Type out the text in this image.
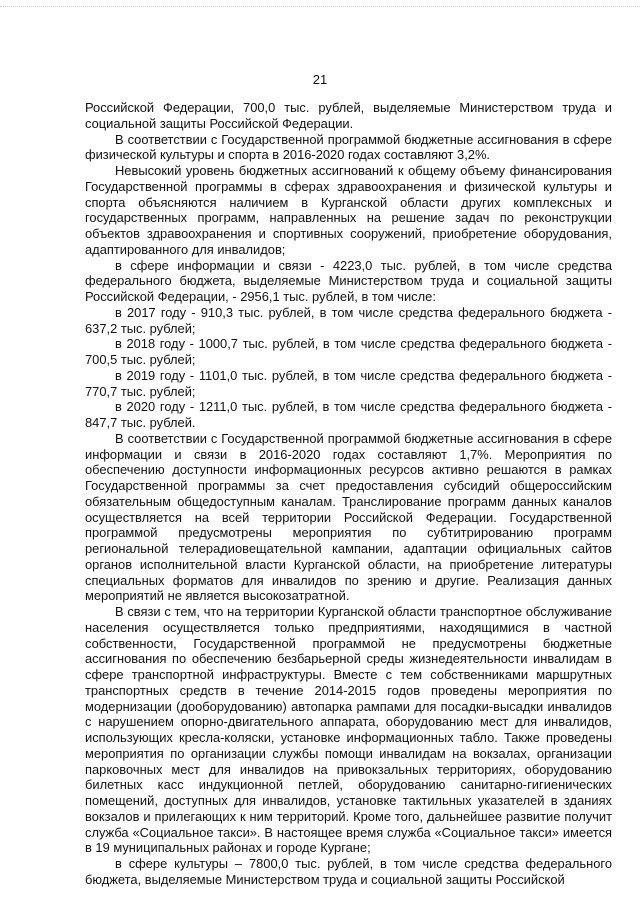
21

Российской Федерации, 700,0 тыс. рублей, выделяемые Министерством труда и социальной защиты Российской Федерации.

В соответствии с Государственной программой бюджетные ассигнования в сфере физической культуры и спорта в 2016-2020 годах составляют 3,2%.

Невысокий уровень бюджетных ассигнований к общему объему финансирования Государственной программы в сферах здравоохранения и физической культуры и спорта объясняются наличием в Курганской области других комплексных и государственных программ, направленных на решение задач по реконструкции объектов здравоохранения и спортивных сооружений, приобретение оборудования, адаптированного для инвалидов;

в сфере информации и связи - 4223,0 тыс. рублей, в том числе средства федерального бюджета, выделяемые Министерством труда и социальной защиты Российской Федерации, - 2956,1 тыс. рублей, в том числе:

в 2017 году - 910,3 тыс. рублей, в том числе средства федерального бюджета - 637,2 тыс. рублей;

в 2018 году - 1000,7 тыс. рублей, в том числе средства федерального бюджета - 700,5 тыс. рублей;

в 2019 году - 1101,0 тыс. рублей, в том числе средства федерального бюджета - 770,7 тыс. рублей;

в 2020 году - 1211,0 тыс. рублей, в том числе средства федерального бюджета - 847,7 тыс. рублей.

В соответствии с Государственной программой бюджетные ассигнования в сфере информации и связи в 2016-2020 годах составляют 1,7%. Мероприятия по обеспечению доступности информационных ресурсов активно решаются в рамках Государственной программы за счет предоставления субсидий общероссийским обязательным общедоступным каналам. Транслирование программ данных каналов осуществляется на всей территории Российской Федерации. Государственной программой предусмотрены мероприятия по субтитрированию программ региональной телерадиовещательной кампании, адаптации официальных сайтов органов исполнительной власти Курганской области, на приобретение литературы специальных форматов для инвалидов по зрению и другие. Реализация данных мероприятий не является высокозатратной.

В связи с тем, что на территории Курганской области транспортное обслуживание населения осуществляется только предприятиями, находящимися в частной собственности, Государственной программой не предусмотрены бюджетные ассигнования по обеспечению безбарьерной среды жизнедеятельности инвалидам в сфере транспортной инфраструктуры. Вместе с тем собственниками маршрутных транспортных средств в течение 2014-2015 годов проведены мероприятия по модернизации (дооборудованию) автопарка рампами для посадки-высадки инвалидов с нарушением опорно-двигательного аппарата, оборудованию мест для инвалидов, использующих кресла-коляски, установке информационных табло. Также проведены мероприятия по организации службы помощи инвалидам на вокзалах, организации парковочных мест для инвалидов на привокзальных территориях, оборудованию билетных касс индукционной петлей, оборудованию санитарно-гигиенических помещений, доступных для инвалидов, установке тактильных указателей в зданиях вокзалов и прилегающих к ним территорий. Кроме того, дальнейшее развитие получит служба «Социальное такси». В настоящее время служба «Социальное такси» имеется в 19 муниципальных районах и городе Кургане;

в сфере культуры – 7800,0 тыс. рублей, в том числе средства федерального бюджета, выделяемые Министерством труда и социальной защиты Российской
